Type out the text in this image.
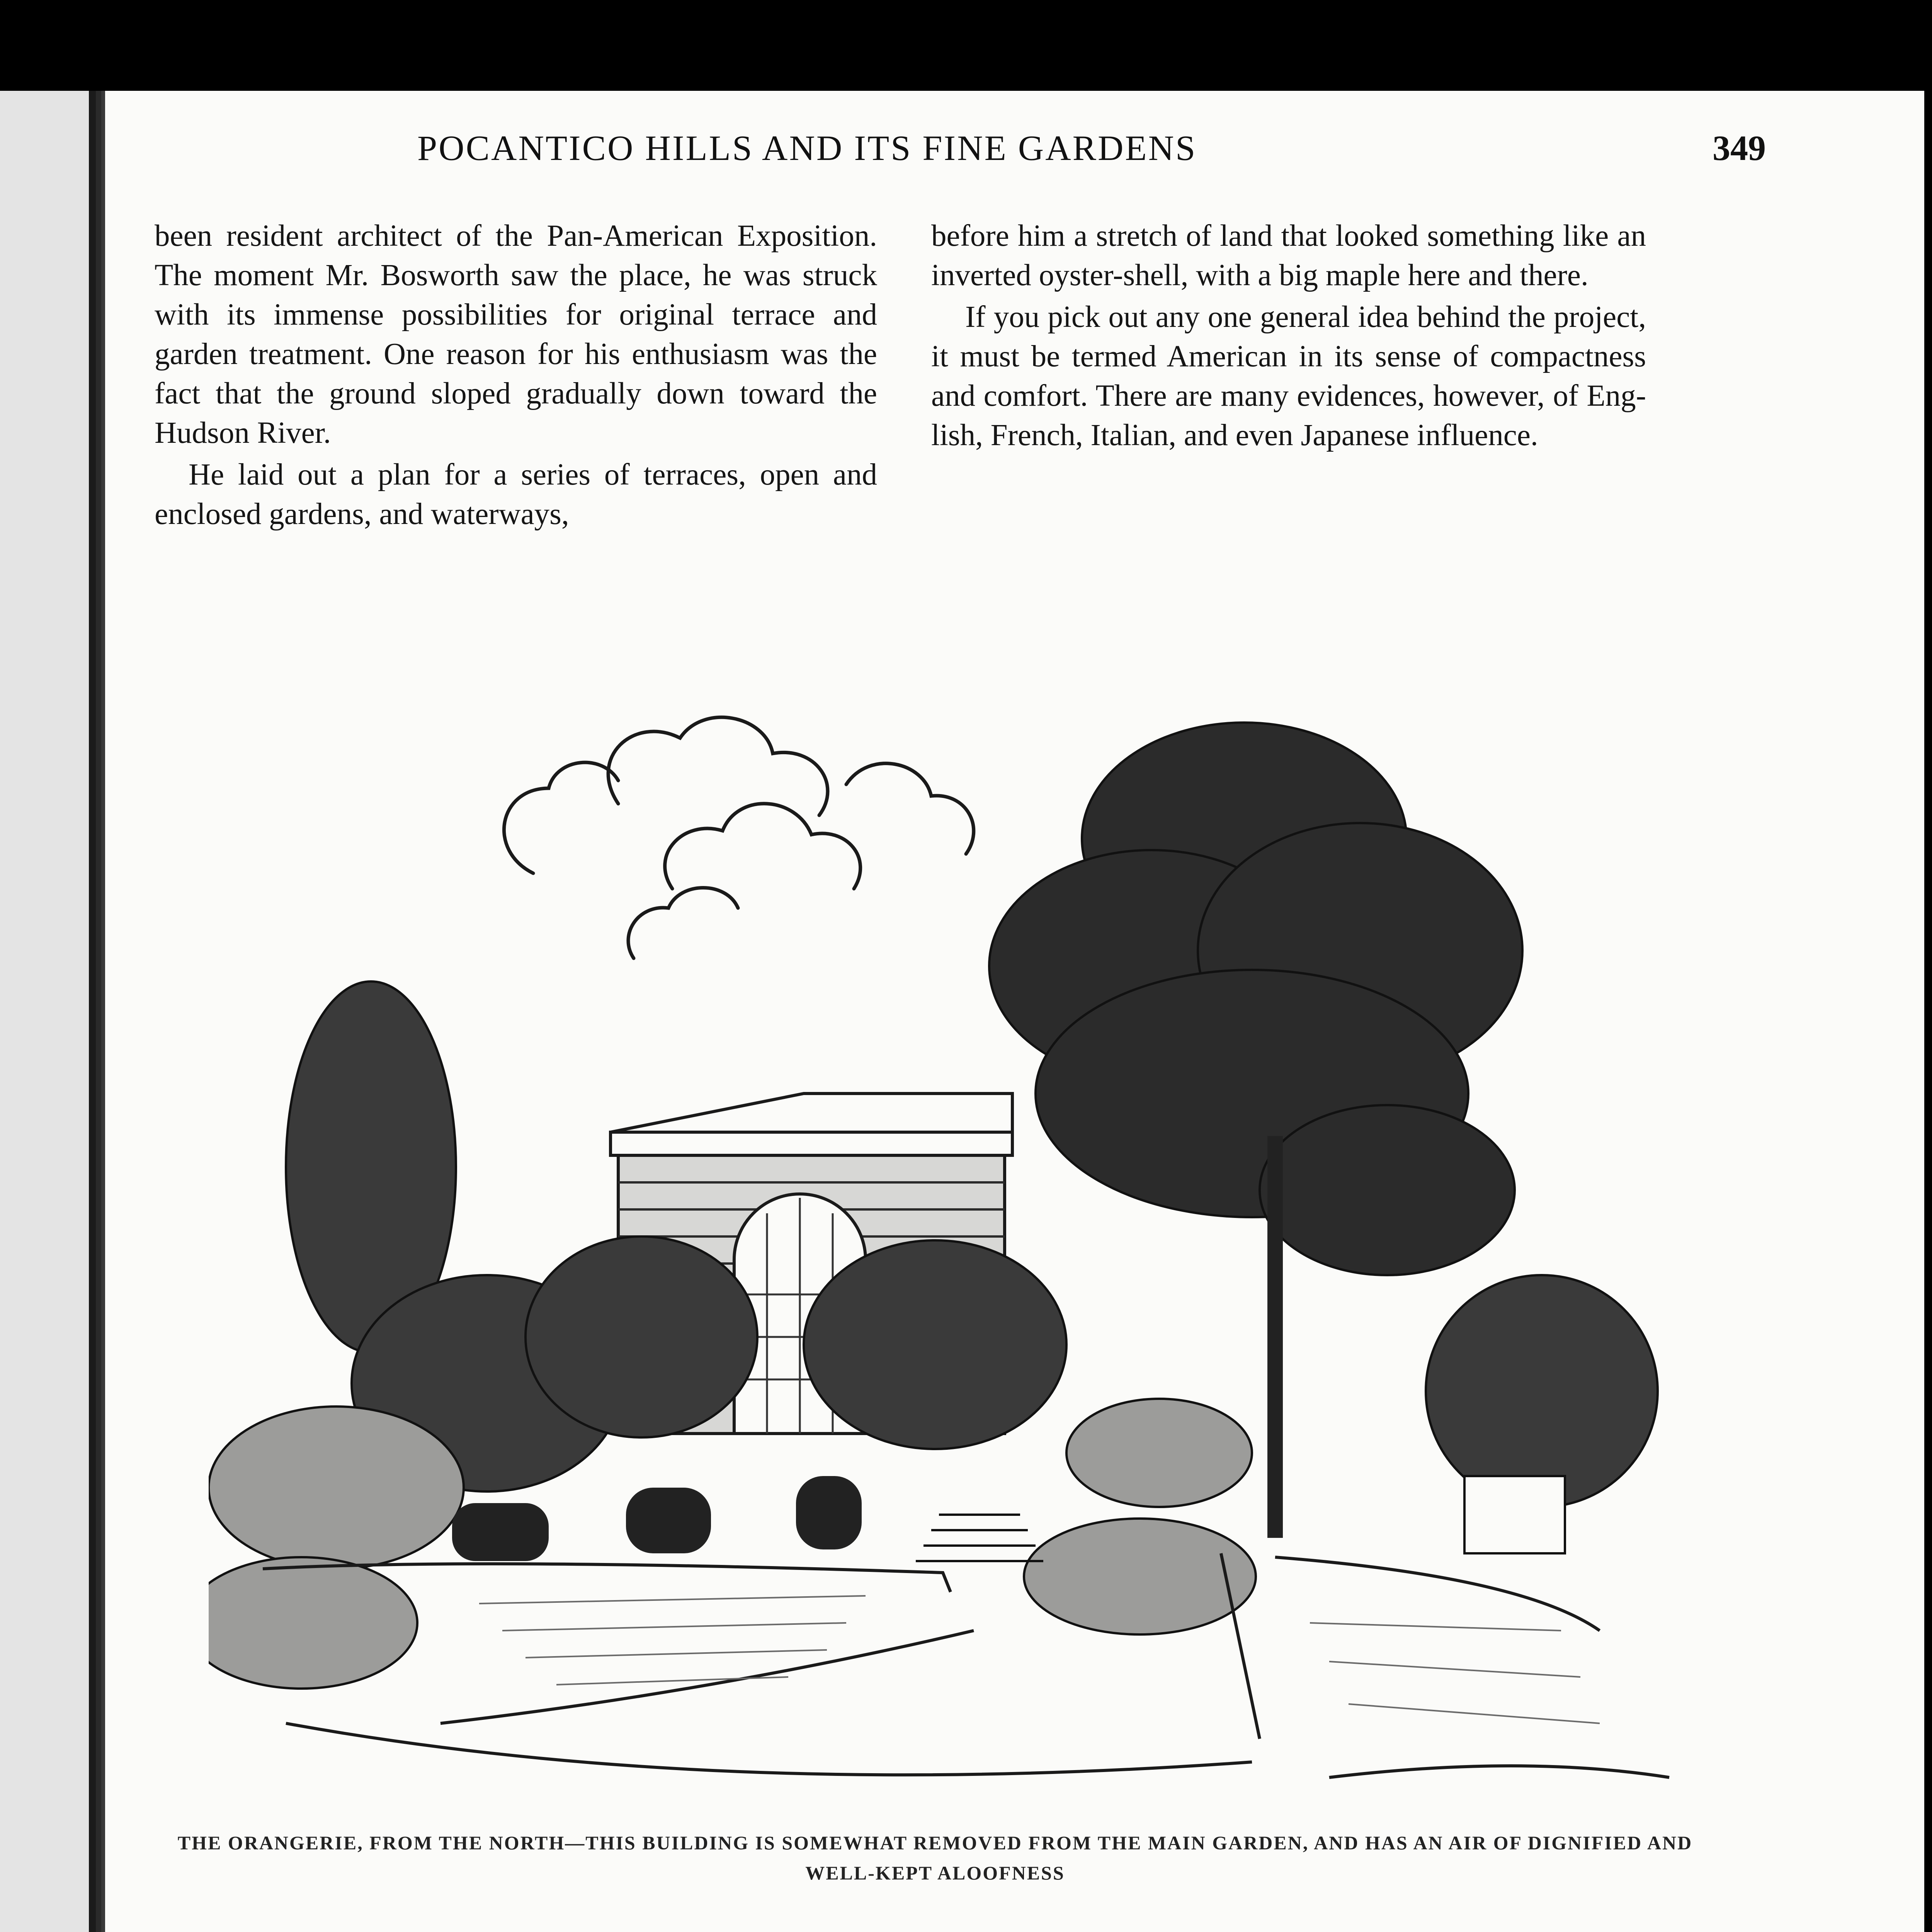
POCANTICO HILLS AND ITS FINE GARDENS	349

been resident architect of the Pan-American Exposition. The moment Mr. Bosworth saw the place, he was struck with its immense possibilities for original terrace and garden treatment. One reason for his enthusiasm was the fact that the ground sloped gradually down toward the Hudson River.

He laid out a plan for a series of terraces, open and enclosed gardens, and waterways,

before him a stretch of land that looked something like an inverted oyster-shell, with a big maple here and there.

If you pick out any one general idea behind the project, it must be termed American in its sense of compactness and comfort. There are many evidences, however, of English, French, Italian, and even Japanese influence.

THE ORANGERIE, FROM THE NORTH—THIS BUILDING IS SOMEWHAT REMOVED FROM THE MAIN GARDEN, AND HAS AN AIR OF DIGNIFIED AND WELL-KEPT ALOOFNESS
